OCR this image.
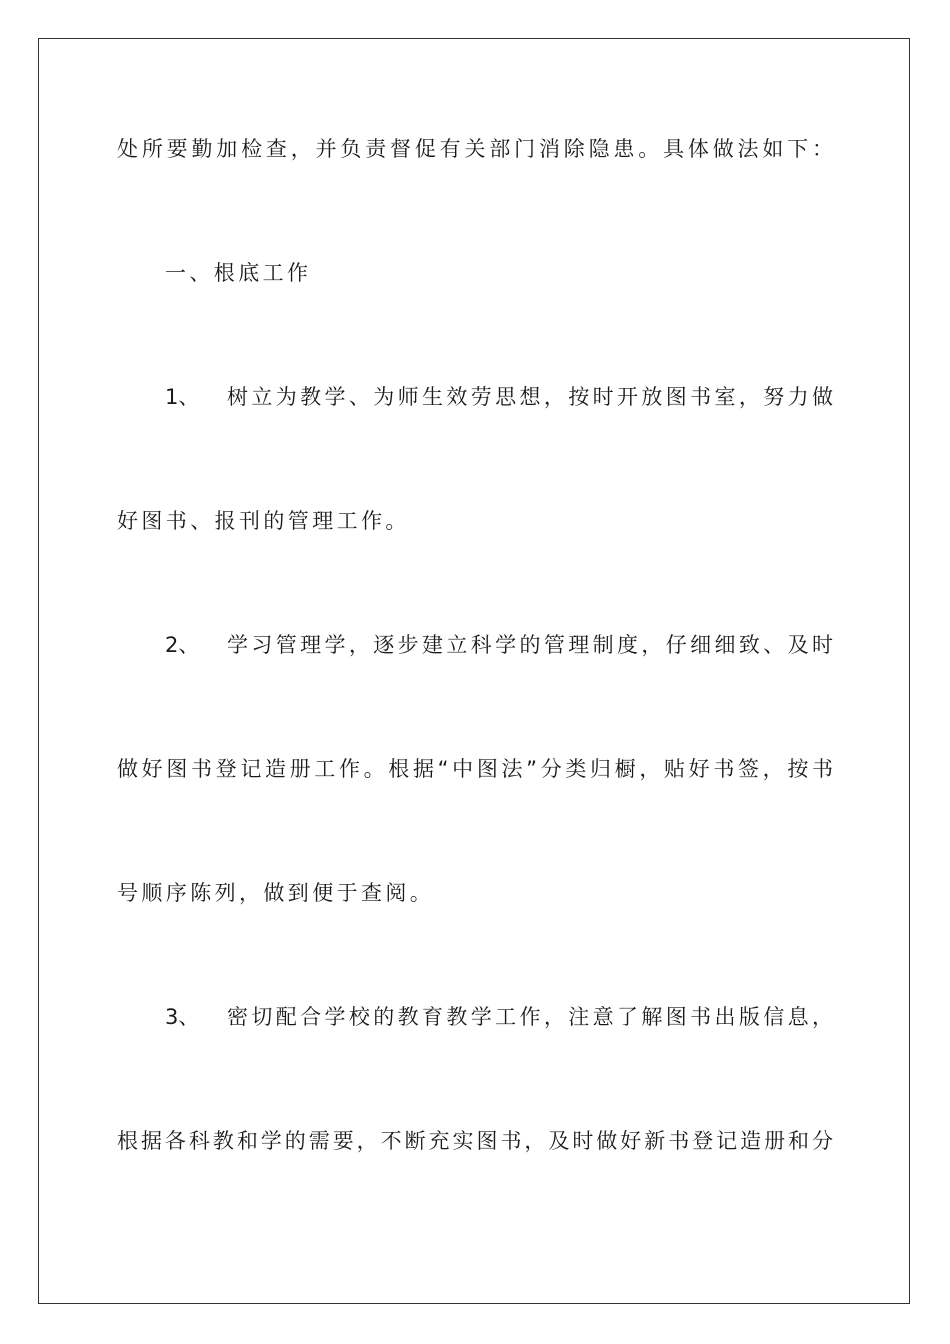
处所要勤加检查，并负责督促有关部门消除隐患。具体做法如下：
一、根底工作
1、	树立为教学、为师生效劳思想，按时开放图书室，努力做
好图书、报刊的管理工作。
2、	学习管理学，逐步建立科学的管理制度，仔细细致、及时
做好图书登记造册工作。根据“中图法”分类归橱，贴好书签，按书
号顺序陈列，做到便于查阅。
3、	密切配合学校的教育教学工作，注意了解图书出版信息，
根据各科教和学的需要，不断充实图书，及时做好新书登记造册和分
